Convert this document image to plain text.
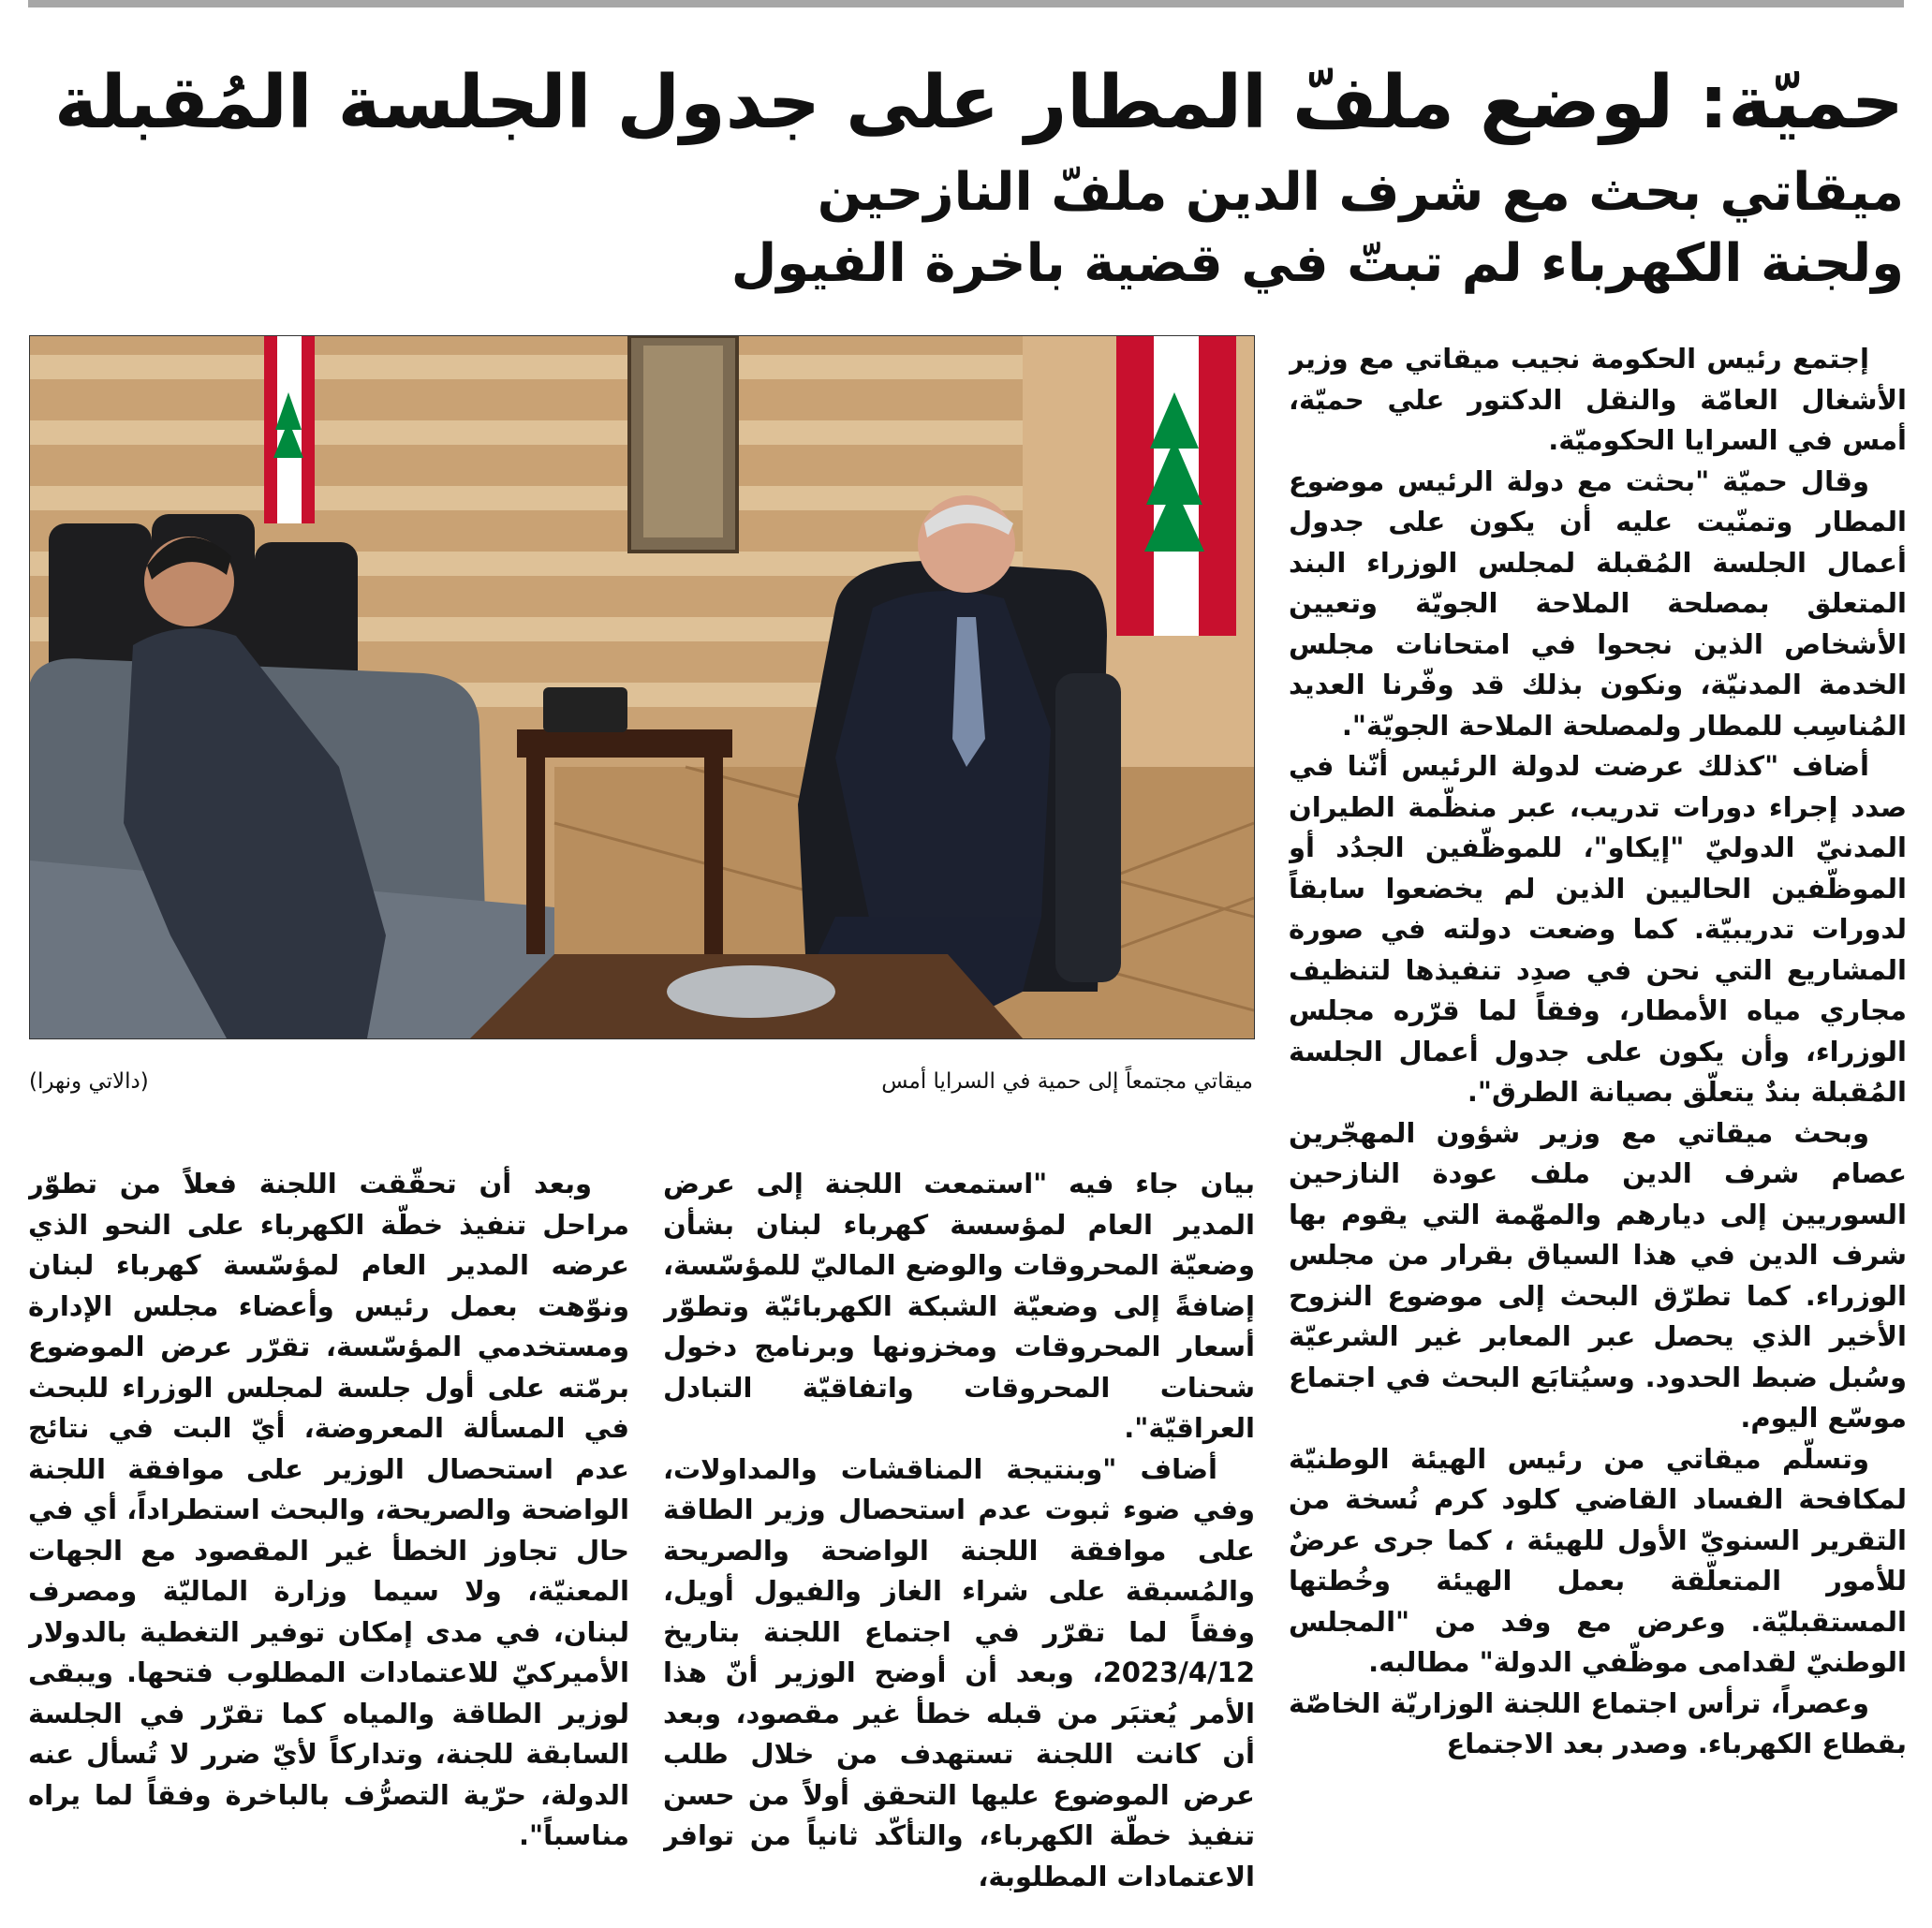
حميّة: لوضع ملفّ المطار على جدول الجلسة المُقبلة
ميقاتي بحث مع شرف الدين ملفّ النازحين
ولجنة الكهرباء لم تبتّ في قضية باخرة الفيول
ميقاتي مجتمعاً إلى حمية في السرايا أمس
(دالاتي ونهرا)

إجتمع رئيس الحكومة نجيب ميقاتي مع وزير الأشغال العامّة والنقل الدكتور علي حميّة، أمس في السرايا الحكوميّة.

وقال حميّة "بحثت مع دولة الرئيس موضوع المطار وتمنّيت عليه أن يكون على جدول أعمال الجلسة المُقبلة لمجلس الوزراء البند المتعلق بمصلحة الملاحة الجويّة وتعيين الأشخاص الذين نجحوا في امتحانات مجلس الخدمة المدنيّة، ونكون بذلك قد وفّرنا العديد المُناسِب للمطار ولمصلحة الملاحة الجويّة".

أضاف "كذلك عرضت لدولة الرئيس أنّنا في صدد إجراء دورات تدريب، عبر منظّمة الطيران المدنيّ الدوليّ "إيكاو"، للموظّفين الجدُد أو الموظّفين الحاليين الذين لم يخضعوا سابقاً لدورات تدريبيّة. كما وضعت دولته في صورة المشاريع التي نحن في صدِد تنفيذها لتنظيف مجاري مياه الأمطار، وفقاً لما قرّره مجلس الوزراء، وأن يكون على جدول أعمال الجلسة المُقبلة بندٌ يتعلّق بصيانة الطرق".

وبحث ميقاتي مع وزير شؤون المهجّرين عصام شرف الدين ملف عودة النازحين السوريين إلى ديارهم والمهّمة التي يقوم بها شرف الدين في هذا السياق بقرار من مجلس الوزراء. كما تطرّق البحث إلى موضوع النزوح الأخير الذي يحصل عبر المعابر غير الشرعيّة وسُبل ضبط الحدود. وسيُتابَع البحث في اجتماع موسّع اليوم.

وتسلّم ميقاتي من رئيس الهيئة الوطنيّة لمكافحة الفساد القاضي كلود كرم نُسخة من التقرير السنويّ الأول للهيئة ، كما جرى عرضٌ للأمور المتعلّقة بعمل الهيئة وخُطتها المستقبليّة. وعرض مع وفد من "المجلس الوطنيّ لقدامى موظّفي الدولة" مطالبه.

وعصراً، ترأس اجتماع اللجنة الوزاريّة الخاصّة بقطاع الكهرباء. وصدر بعد الاجتماع

بيان جاء فيه "استمعت اللجنة إلى عرض المدير العام لمؤسسة كهرباء لبنان بشأن وضعيّة المحروقات والوضع الماليّ للمؤسّسة، إضافةً إلى وضعيّة الشبكة الكهربائيّة وتطوّر أسعار المحروقات ومخزونها وبرنامج دخول شحنات المحروقات واتفاقيّة التبادل العراقيّة".

أضاف "وبنتيجة المناقشات والمداولات، وفي ضوء ثبوت عدم استحصال وزير الطاقة على موافقة اللجنة الواضحة والصريحة والمُسبقة على شراء الغاز والفيول أويل، وفقاً لما تقرّر في اجتماع اللجنة بتاريخ 2023/4/12، وبعد أن أوضح الوزير أنّ هذا الأمر يُعتبَر من قبله خطأ غير مقصود، وبعد أن كانت اللجنة تستهدف من خلال طلب عرض الموضوع عليها التحقق أولاً من حسن تنفيذ خطّة الكهرباء، والتأكّد ثانياً من توافر الاعتمادات المطلوبة،

وبعد أن تحقّقت اللجنة فعلاً من تطوّر مراحل تنفيذ خطّة الكهرباء على النحو الذي عرضه المدير العام لمؤسّسة كهرباء لبنان ونوّهت بعمل رئيس وأعضاء مجلس الإدارة ومستخدمي المؤسّسة، تقرّر عرض الموضوع برمّته على أول جلسة لمجلس الوزراء للبحث في المسألة المعروضة، أيّ البت في نتائج عدم استحصال الوزير على موافقة اللجنة الواضحة والصريحة، والبحث استطراداً، أي في حال تجاوز الخطأ غير المقصود مع الجهات المعنيّة، ولا سيما وزارة الماليّة ومصرف لبنان، في مدى إمكان توفير التغطية بالدولار الأميركيّ للاعتمادات المطلوب فتحها. ويبقى لوزير الطاقة والمياه كما تقرّر في الجلسة السابقة للجنة، وتداركاً لأيّ ضرر لا تُسأل عنه الدولة، حرّية التصرُّف بالباخرة وفقاً لما يراه مناسباً".
